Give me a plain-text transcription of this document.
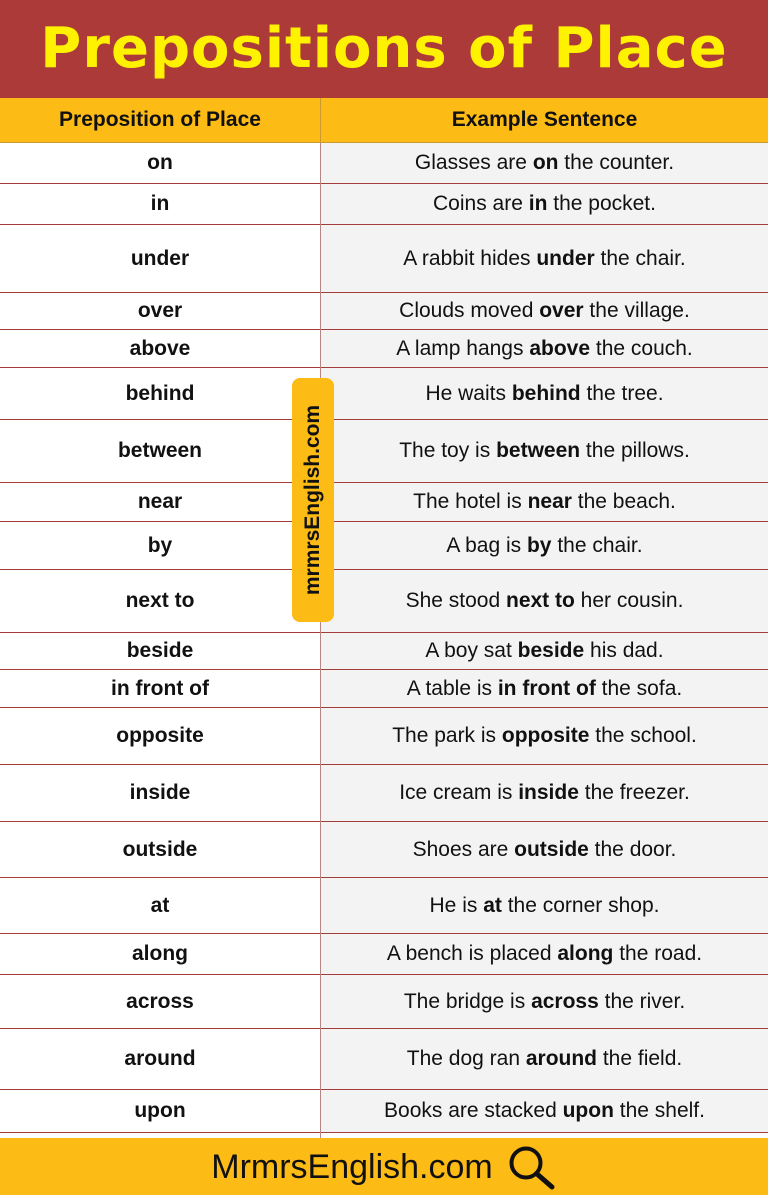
Prepositions of Place
Preposition of Place	Example Sentence
on	Glasses are on the counter.
in	Coins are in the pocket.
under	A rabbit hides under the chair.
over	Clouds moved over the village.
above	A lamp hangs above the couch.
behind	He waits behind the tree.
between	The toy is between the pillows.
near	The hotel is near the beach.
by	A bag is by the chair.
next to	She stood next to her cousin.
beside	A boy sat beside his dad.
in front of	A table is in front of the sofa.
opposite	The park is opposite the school.
inside	Ice cream is inside the freezer.
outside	Shoes are outside the door.
at	He is at the corner shop.
along	A bench is placed along the road.
across	The bridge is across the river.
around	The dog ran around the field.
upon	Books are stacked upon the shelf.
mrmrsEnglish.com
MrmrsEnglish.com
